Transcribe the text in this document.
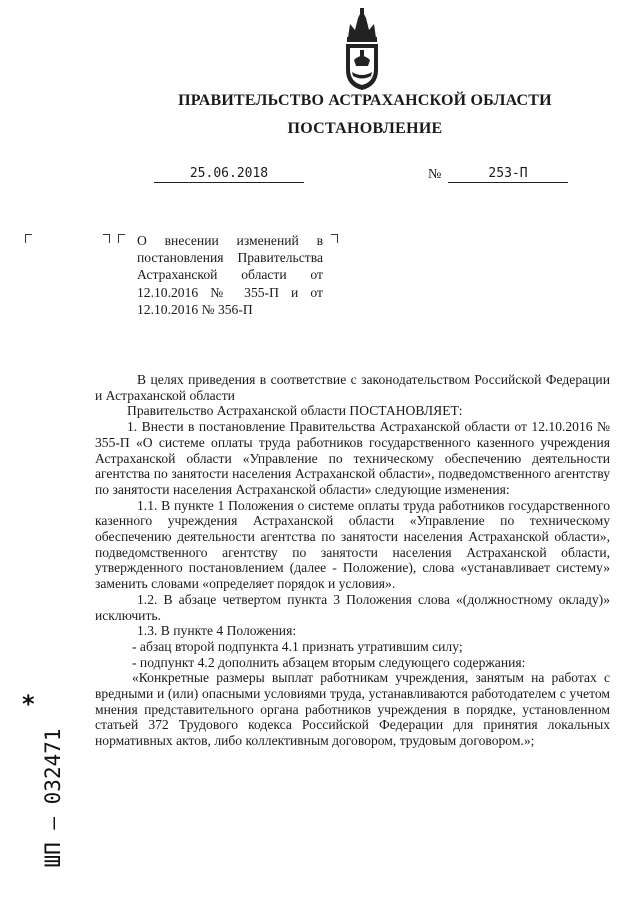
ПРАВИТЕЛЬСТВО АСТРАХАНСКОЙ ОБЛАСТИ
ПОСТАНОВЛЕНИЕ
25.06.2018	№	253-П
О внесении изменений в постановления Правительства Астраханской области от 12.10.2016 № 355-П и от 12.10.2016 № 356-П

В целях приведения в соответствие с законодательством Российской Федерации и Астраханской области

Правительство Астраханской области ПОСТАНОВЛЯЕТ:

1. Внести в постановление Правительства Астраханской области от 12.10.2016 № 355-П «О системе оплаты труда работников государственного казенного учреждения Астраханской области «Управление по техническому обеспечению деятельности агентства по занятости населения Астраханской области», подведомственного агентству по занятости населения Астраханской области» следующие изменения:

1.1. В пункте 1 Положения о системе оплаты труда работников государственного казенного учреждения Астраханской области «Управление по техническому обеспечению деятельности агентства по занятости населения Астраханской области», подведомственного агентству по занятости населения Астраханской области, утвержденного постановлением (далее - Положение), слова «устанавливает систему» заменить словами «определяет порядок и условия».

1.2. В абзаце четвертом пункта 3 Положения слова «(должностному окладу)» исключить.

1.3. В пункте 4 Положения:

- абзац второй подпункта 4.1 признать утратившим силу;

- подпункт 4.2 дополнить абзацем вторым следующего содержания:

«Конкретные размеры выплат работникам учреждения, занятым на работах с вредными и (или) опасными условиями труда, устанавливаются работодателем с учетом мнения представительного органа работников учреждения в порядке, установленном статьей 372 Трудового кодекса Российской Федерации для принятия локальных нормативных актов, либо коллективным договором, трудовым договором.»;

*
ШП – 032471
